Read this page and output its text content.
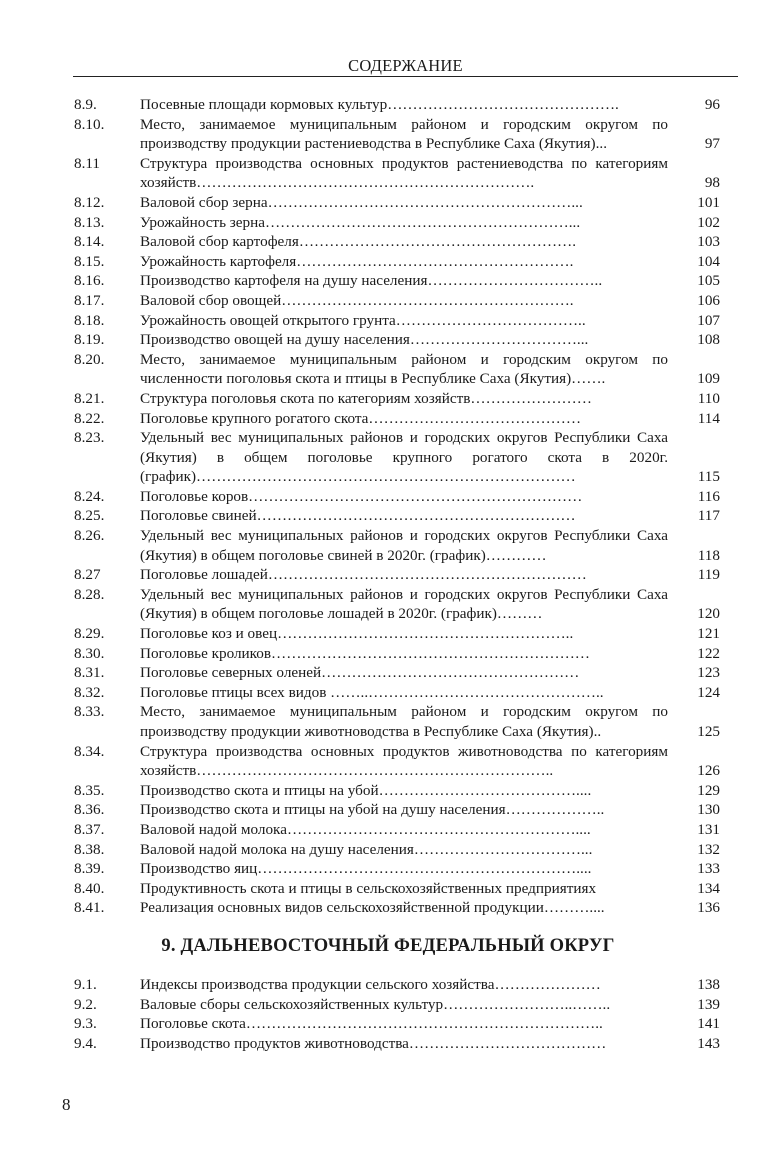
СОДЕРЖАНИЕ
8.9.	Посевные площади кормовых культур……………………………………….	96
8.10.	Место, занимаемое муниципальным районом и городским округом по производству продукции растениеводства в Республике Саха (Якутия)...	97
8.11	Структура производства основных продуктов растениеводства по категориям хозяйств………………………………………………………….	98
8.12.	Валовой сбор зерна……………………………………………………...	101
8.13.	Урожайность зерна……………………………………………………...	102
8.14.	Валовой сбор картофеля……………………………………………….	103
8.15.	Урожайность картофеля……………………………………………….	104
8.16.	Производство картофеля на душу населения……………………………..	105
8.17.	Валовой сбор овощей………………………………………………….	106
8.18.	Урожайность овощей открытого грунта………………………………..	107
8.19.	Производство овощей на душу населения……………………………...	108
8.20.	Место, занимаемое муниципальным районом и городским округом по численности поголовья скота и птицы в Республике Саха (Якутия)…….	109
8.21.	Структура поголовья скота по категориям хозяйств……………………	110
8.22.	Поголовье крупного рогатого скота……………………………………	114
8.23.	Удельный вес муниципальных районов и городских округов Республики Саха (Якутия) в общем поголовье крупного рогатого скота в 2020г. (график)…………………………………………………………………	115
8.24.	Поголовье коров…………………………………………………………	116
8.25.	Поголовье свиней………………………………………………………	117
8.26.	Удельный вес муниципальных районов и городских округов Республики Саха (Якутия) в общем поголовье свиней в 2020г. (график)…………	118
8.27	Поголовье лошадей………………………………………………………	119
8.28.	Удельный вес муниципальных районов и городских округов Республики Саха (Якутия) в общем поголовье лошадей в 2020г. (график)………	120
8.29.	Поголовье коз и овец…………………………………………………..	121
8.30.	Поголовье кроликов………………………………………………………	122
8.31.	Поголовье северных оленей……………………………………………	123
8.32.	Поголовье птицы всех видов ……..………………………………………..	124
8.33.	Место, занимаемое муниципальным районом и городским округом по производству продукции животноводства в Республике Саха (Якутия)..	125
8.34.	Структура производства основных продуктов животноводства по категориям хозяйств……………………………………………………………..	126
8.35.	Производство скота и птицы на убой…………………………………....	129
8.36.	Производство скота и птицы на убой на душу населения………………..	130
8.37.	Валовой надой молока…………………………………………………....	131
8.38.	Валовой надой молока на душу населения……………………………...	132
8.39.	Производство яиц………………………………………………………....	133
8.40.	Продуктивность скота и птицы в сельскохозяйственных предприятиях	134
8.41.	Реализация основных видов сельскохозяйственной продукции………....	136
9. ДАЛЬНЕВОСТОЧНЫЙ ФЕДЕРАЛЬНЫЙ ОКРУГ
9.1.	Индексы производства продукции сельского хозяйства…………………	138
9.2.	Валовые сборы сельскохозяйственных культур……………………..……..	139
9.3.	Поголовье скота……………………………………………………………..	141
9.4.	Производство продуктов животноводства…………………………………	143
8
